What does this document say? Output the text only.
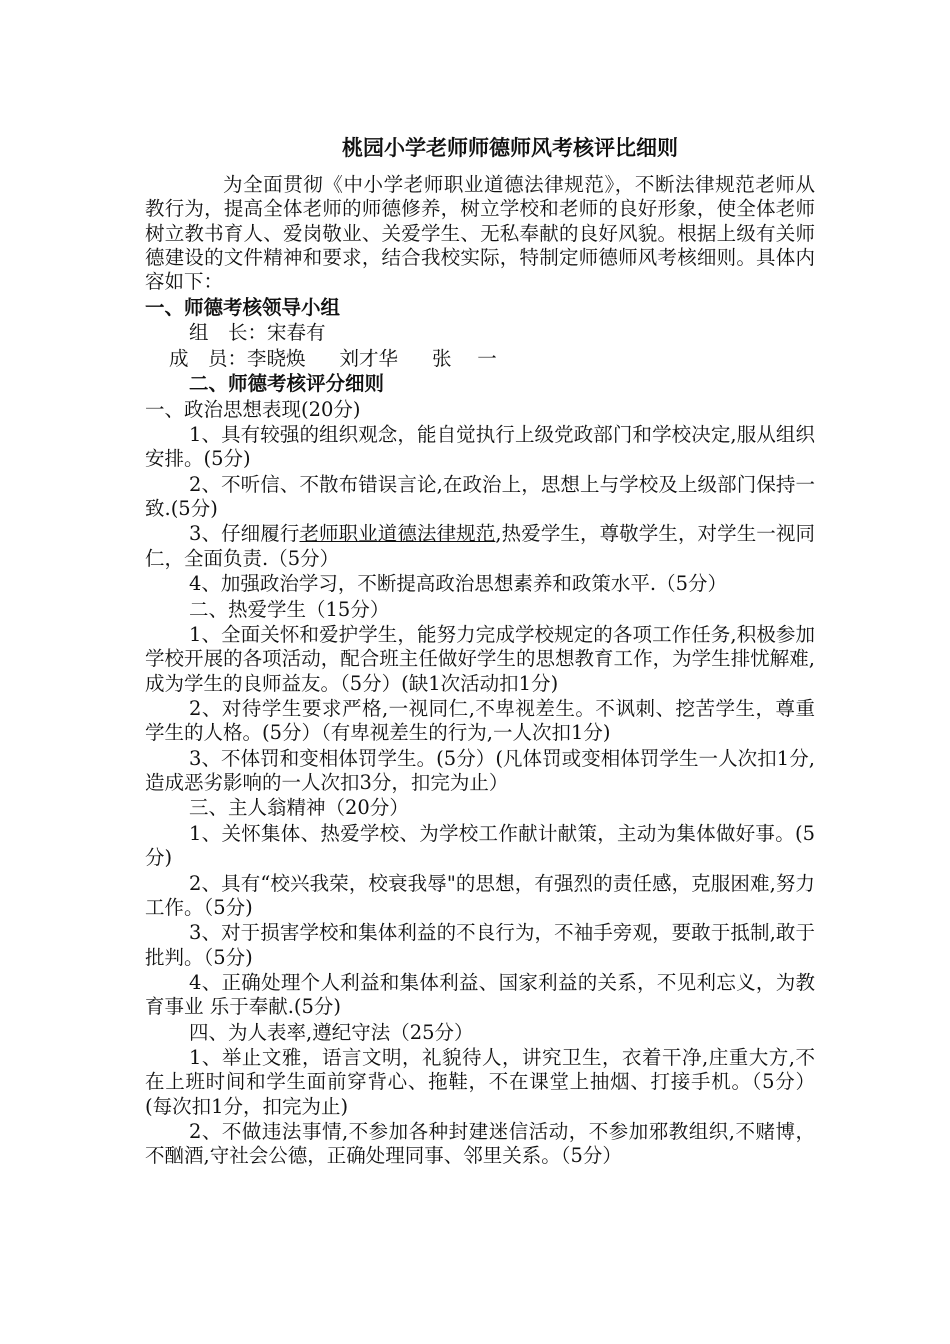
桃园小学老师师德师风考核评比细则

为全面贯彻《中小学老师职业道德法律规范》，不断法律规范老师从教行为，提高全体老师的师德修养，树立学校和老师的良好形象，使全体老师树立教书育人、爱岗敬业、关爱学生、无私奉献的良好风貌。根据上级有关师德建设的文件精神和要求，结合我校实际，特制定师德师风考核细则。具体内容如下：

一、师德考核领导小组

组　长：宋春有

成　员：李晓焕 刘才华 张　 一

二、师德考核评分细则

一、政治思想表现(20分)

1、具有较强的组织观念，能自觉执行上级党政部门和学校决定,服从组织安排。(5分)

2、不听信、不散布错误言论,在政治上，思想上与学校及上级部门保持一致.(5分)

3、仔细履行老师职业道德法律规范,热爱学生，尊敬学生，对学生一视同仁，全面负责.（5分）

4、加强政治学习，不断提高政治思想素养和政策水平.（5分）

二、热爱学生（15分）

1、全面关怀和爱护学生，能努力完成学校规定的各项工作任务,积极参加学校开展的各项活动，配合班主任做好学生的思想教育工作，为学生排忧解难,成为学生的良师益友。（5分）(缺1次活动扣1分)

2、对待学生要求严格,一视同仁,不卑视差生。不讽刺、挖苦学生，尊重学生的人格。(5分）（有卑视差生的行为,一人次扣1分)

3、不体罚和变相体罚学生。(5分）(凡体罚或变相体罚学生一人次扣1分,造成恶劣影响的一人次扣3分，扣完为止）

三、主人翁精神（20分）

1、关怀集体、热爱学校、为学校工作献计献策，主动为集体做好事。(5分)

2、具有“校兴我荣，校衰我辱"的思想，有强烈的责任感，克服困难,努力工作。（5分)

3、对于损害学校和集体利益的不良行为，不袖手旁观，要敢于抵制,敢于批判。（5分)

4、正确处理个人利益和集体利益、国家利益的关系，不见利忘义，为教育事业 乐于奉献.(5分)

四、为人表率,遵纪守法（25分）

1、举止文雅，语言文明，礼貌待人，讲究卫生，衣着干净,庄重大方,不在上班时间和学生面前穿背心、拖鞋，不在课堂上抽烟、打接手机。（5分）(每次扣1分，扣完为止)

2、不做违法事情,不参加各种封建迷信活动，不参加邪教组织,不赌博，不酗酒,守社会公德，正确处理同事、邻里关系。（5分）
